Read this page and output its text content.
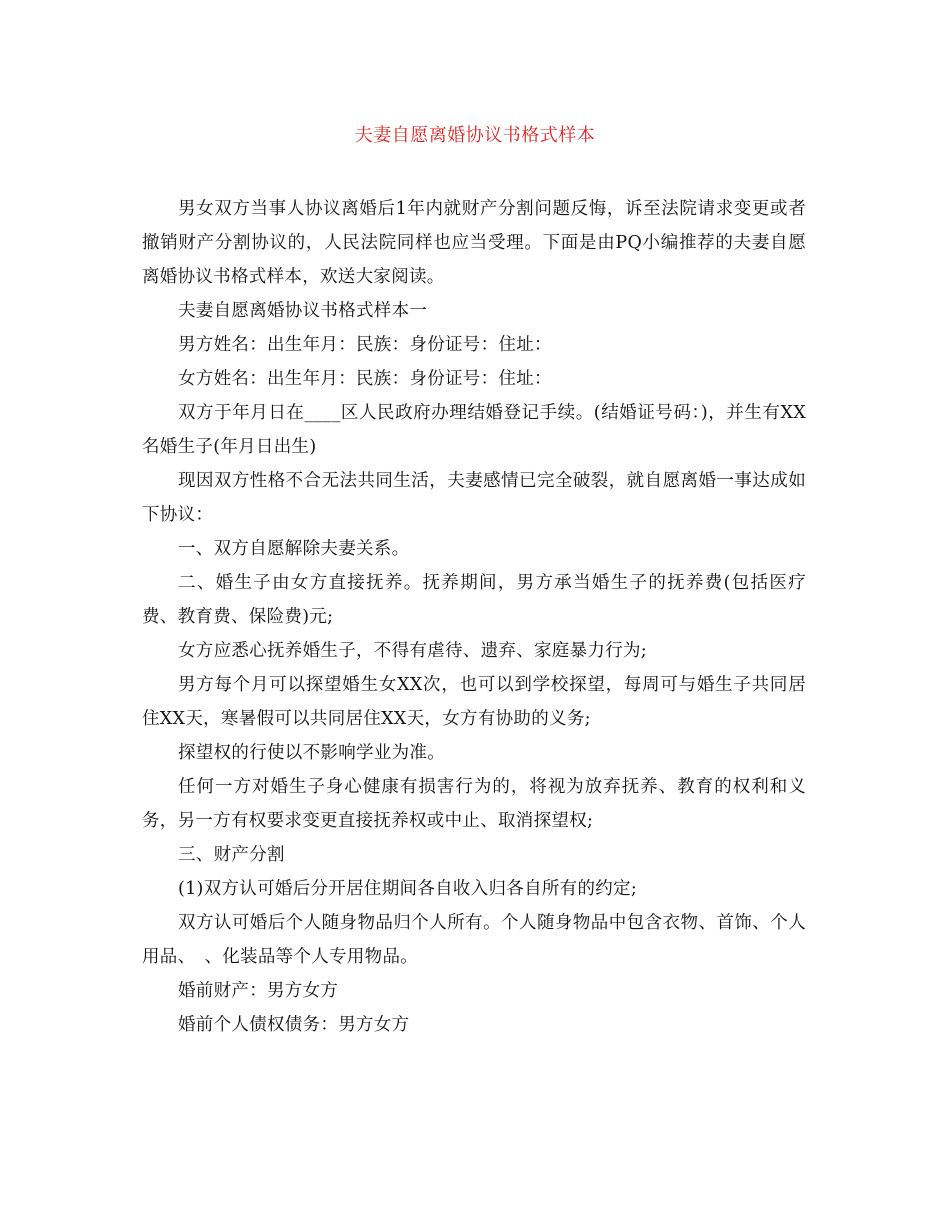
夫妻自愿离婚协议书格式样本

男女双方当事人协议离婚后1年内就财产分割问题反悔，诉至法院请求变更或者撤销财产分割协议的，人民法院同样也应当受理。下面是由PQ小编推荐的夫妻自愿离婚协议书格式样本，欢送大家阅读。

夫妻自愿离婚协议书格式样本一

男方姓名：出生年月：民族：身份证号：住址：

女方姓名：出生年月：民族：身份证号：住址：

双方于年月日在____区人民政府办理结婚登记手续。(结婚证号码：)，并生有XX名婚生子(年月日出生)

现因双方性格不合无法共同生活，夫妻感情已完全破裂，就自愿离婚一事达成如下协议：

一、双方自愿解除夫妻关系。

二、婚生子由女方直接抚养。抚养期间，男方承当婚生子的抚养费(包括医疗费、教育费、保险费)元;

女方应悉心抚养婚生子，不得有虐待、遗弃、家庭暴力行为;

男方每个月可以探望婚生女XX次，也可以到学校探望，每周可与婚生子共同居住XX天，寒暑假可以共同居住XX天，女方有协助的义务;

探望权的行使以不影响学业为准。

任何一方对婚生子身心健康有损害行为的，将视为放弃抚养、教育的权利和义务，另一方有权要求变更直接抚养权或中止、取消探望权;

三、财产分割

(1)双方认可婚后分开居住期间各自收入归各自所有的约定;

双方认可婚后个人随身物品归个人所有。个人随身物品中包含衣物、首饰、个人用品、　、化装品等个人专用物品。

婚前财产：男方女方

婚前个人债权债务：男方女方
